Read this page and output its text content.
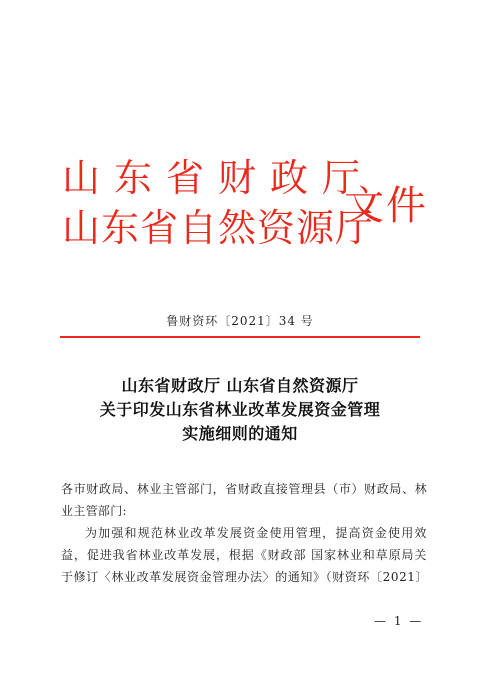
山东省财政厅
山东省自然资源厅
文件
鲁财资环〔2021〕34 号
山东省财政厅 山东省自然资源厅
关于印发山东省林业改革发展资金管理
实施细则的通知

各市财政局、林业主管部门，省财政直接管理县（市）财政局、林业主管部门:

为加强和规范林业改革发展资金使用管理，提高资金使用效益，促进我省林业改革发展，根据《财政部 国家林业和草原局关于修订〈林业改革发展资金管理办法〉的通知》（财资环〔2021〕

— 1 —
